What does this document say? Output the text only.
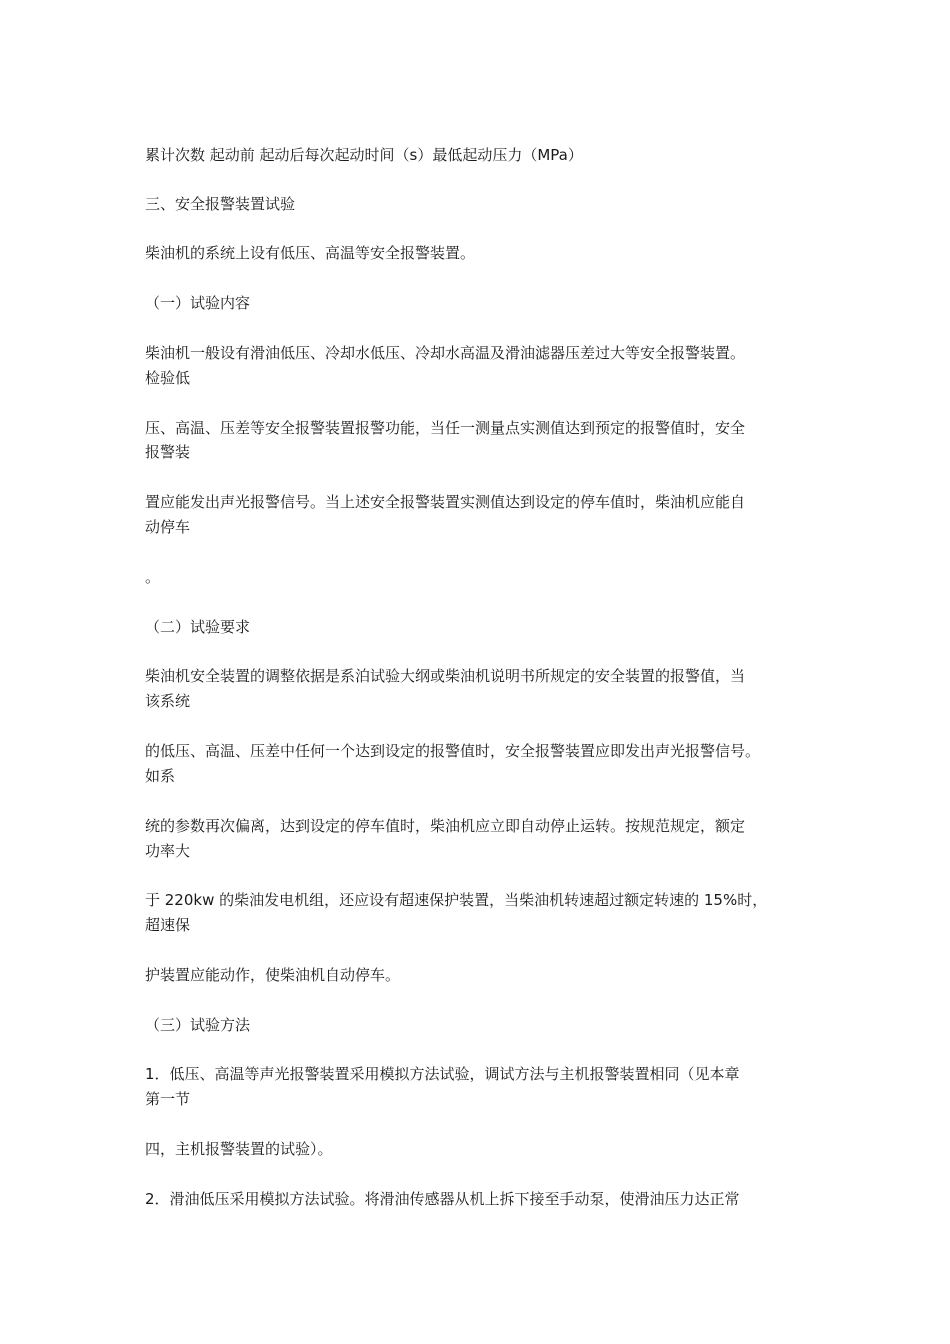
累计次数 起动前 起动后每次起动时间（s）最低起动压力（MPa）
三、安全报警装置试验
柴油机的系统上设有低压、高温等安全报警装置。
（一）试验内容
柴油机一般设有滑油低压、冷却水低压、冷却水高温及滑油滤器压差过大等安全报警装置。
检验低
压、高温、压差等安全报警装置报警功能，当任一测量点实测值达到预定的报警值时，安全
报警装
置应能发出声光报警信号。当上述安全报警装置实测值达到设定的停车值时，柴油机应能自
动停车
。
（二）试验要求
柴油机安全装置的调整依据是系泊试验大纲或柴油机说明书所规定的安全装置的报警值，当
该系统
的低压、高温、压差中任何一个达到设定的报警值时，安全报警装置应即发出声光报警信号。
如系
统的参数再次偏离，达到设定的停车值时，柴油机应立即自动停止运转。按规范规定，额定
功率大
于 220kw 的柴油发电机组，还应设有超速保护装置，当柴油机转速超过额定转速的 15%时，
超速保
护装置应能动作，使柴油机自动停车。
（三）试验方法
1．低压、高温等声光报警装置采用模拟方法试验，调试方法与主机报警装置相同（见本章
第一节
四，主机报警装置的试验）。
2．滑油低压采用模拟方法试验。将滑油传感器从机上拆下接至手动泵，使滑油压力达正常
